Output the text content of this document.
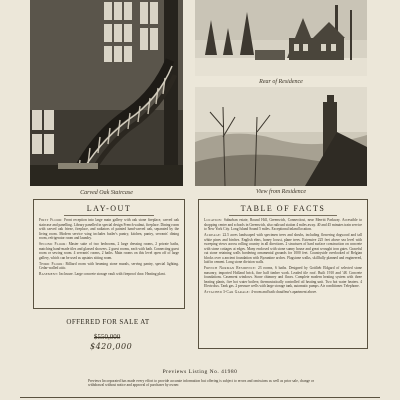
Carved Oak Staircase
Rear of Residence
View from Residence
LAY-OUT

First Floor: Front reception into large main gallery with oak stone fireplace, carved oak staircase and panelling. Library panelled in special design French walnut, fireplace. Dining room with carved oak frieze, fireplace, and radiators of painted hand-carved oak, separated by the living room. Modern service wing includes butler's pantry, kitchen, pantry, servants' dining room, refrigerator room and laundry.

Second Floor: Master suite of two bedrooms, 2 large dressing rooms, 2 private baths, matching hand-made tiles and glassed showers. 2 guest rooms, each with bath. Connecting guest room or sewing room. 4 servants' rooms, 2 baths. Main rooms on this level open off of large gallery, which can be used as upstairs sitting room.

Third Floor: Billiard room with beaming stone murals, serving pantry, special lighting. Cedar-walled attic.

Basement: Inclosure. Large concrete storage vault with fireproof door. Heating plant.

TABLE OF FACTS

Location: Suburban estate, Round Hill, Greenwich, Connecticut, near Merritt Parkway. Accessible to shopping center and schools in Greenwich, also railroad station 4 miles away. 40 and 45 minutes train service to New York City. Long Island Sound 5 miles. Exceptional inland location.

Acreage: 22.5 acres landscaped with specimen trees and shrubs, including flowering dogwood and tall white pines and birches. English elms, honey locust, plane trees. Extensive 225 feet above sea level with sweeping views across rolling country in all directions. 2 structures of hard surface construction on concrete with stone cottages at edges. Many enclosed with stone sunny house and great wrought iron gates. Graceful cut stone retaining walls bordering ornamental grounds for 1000 feet. Countryside overlooked of Belgian blocks over a ancient foundation with Byzantine arches. Flagstone walks, skillfully planned and engineered, laid in cement. Long stone division walls.

French Norman Residence: 23 rooms, 6 baths. Designed by Gottlieb Eldgard of selected stone masonry, imported Holland brick, fine half timber work. Leaded tile roof. Built 1910 and '48. Concrete foundations. Casement windows. Stone chimney and floors. Complete modern heating system with three heating plants, five hot water boilers; thermostatically controlled oil heating unit. Two hot water heaters. 4 Electrolux. Tank gas. 2 pressure wells with large storage tank, automatic pumps. Air conditioner. Telephone.

Attached 3-Car Garage: 4-room and bath chauffeur's apartment above.

OFFERED FOR SALE AT
$550,000
$420,000
Previews Listing No. 41980
Previews Incorporated has made every effort to provide accurate information but offering is subject to errors and omissions as well as prior sale, change or withdrawal without notice and approval of purchaser by owner.
